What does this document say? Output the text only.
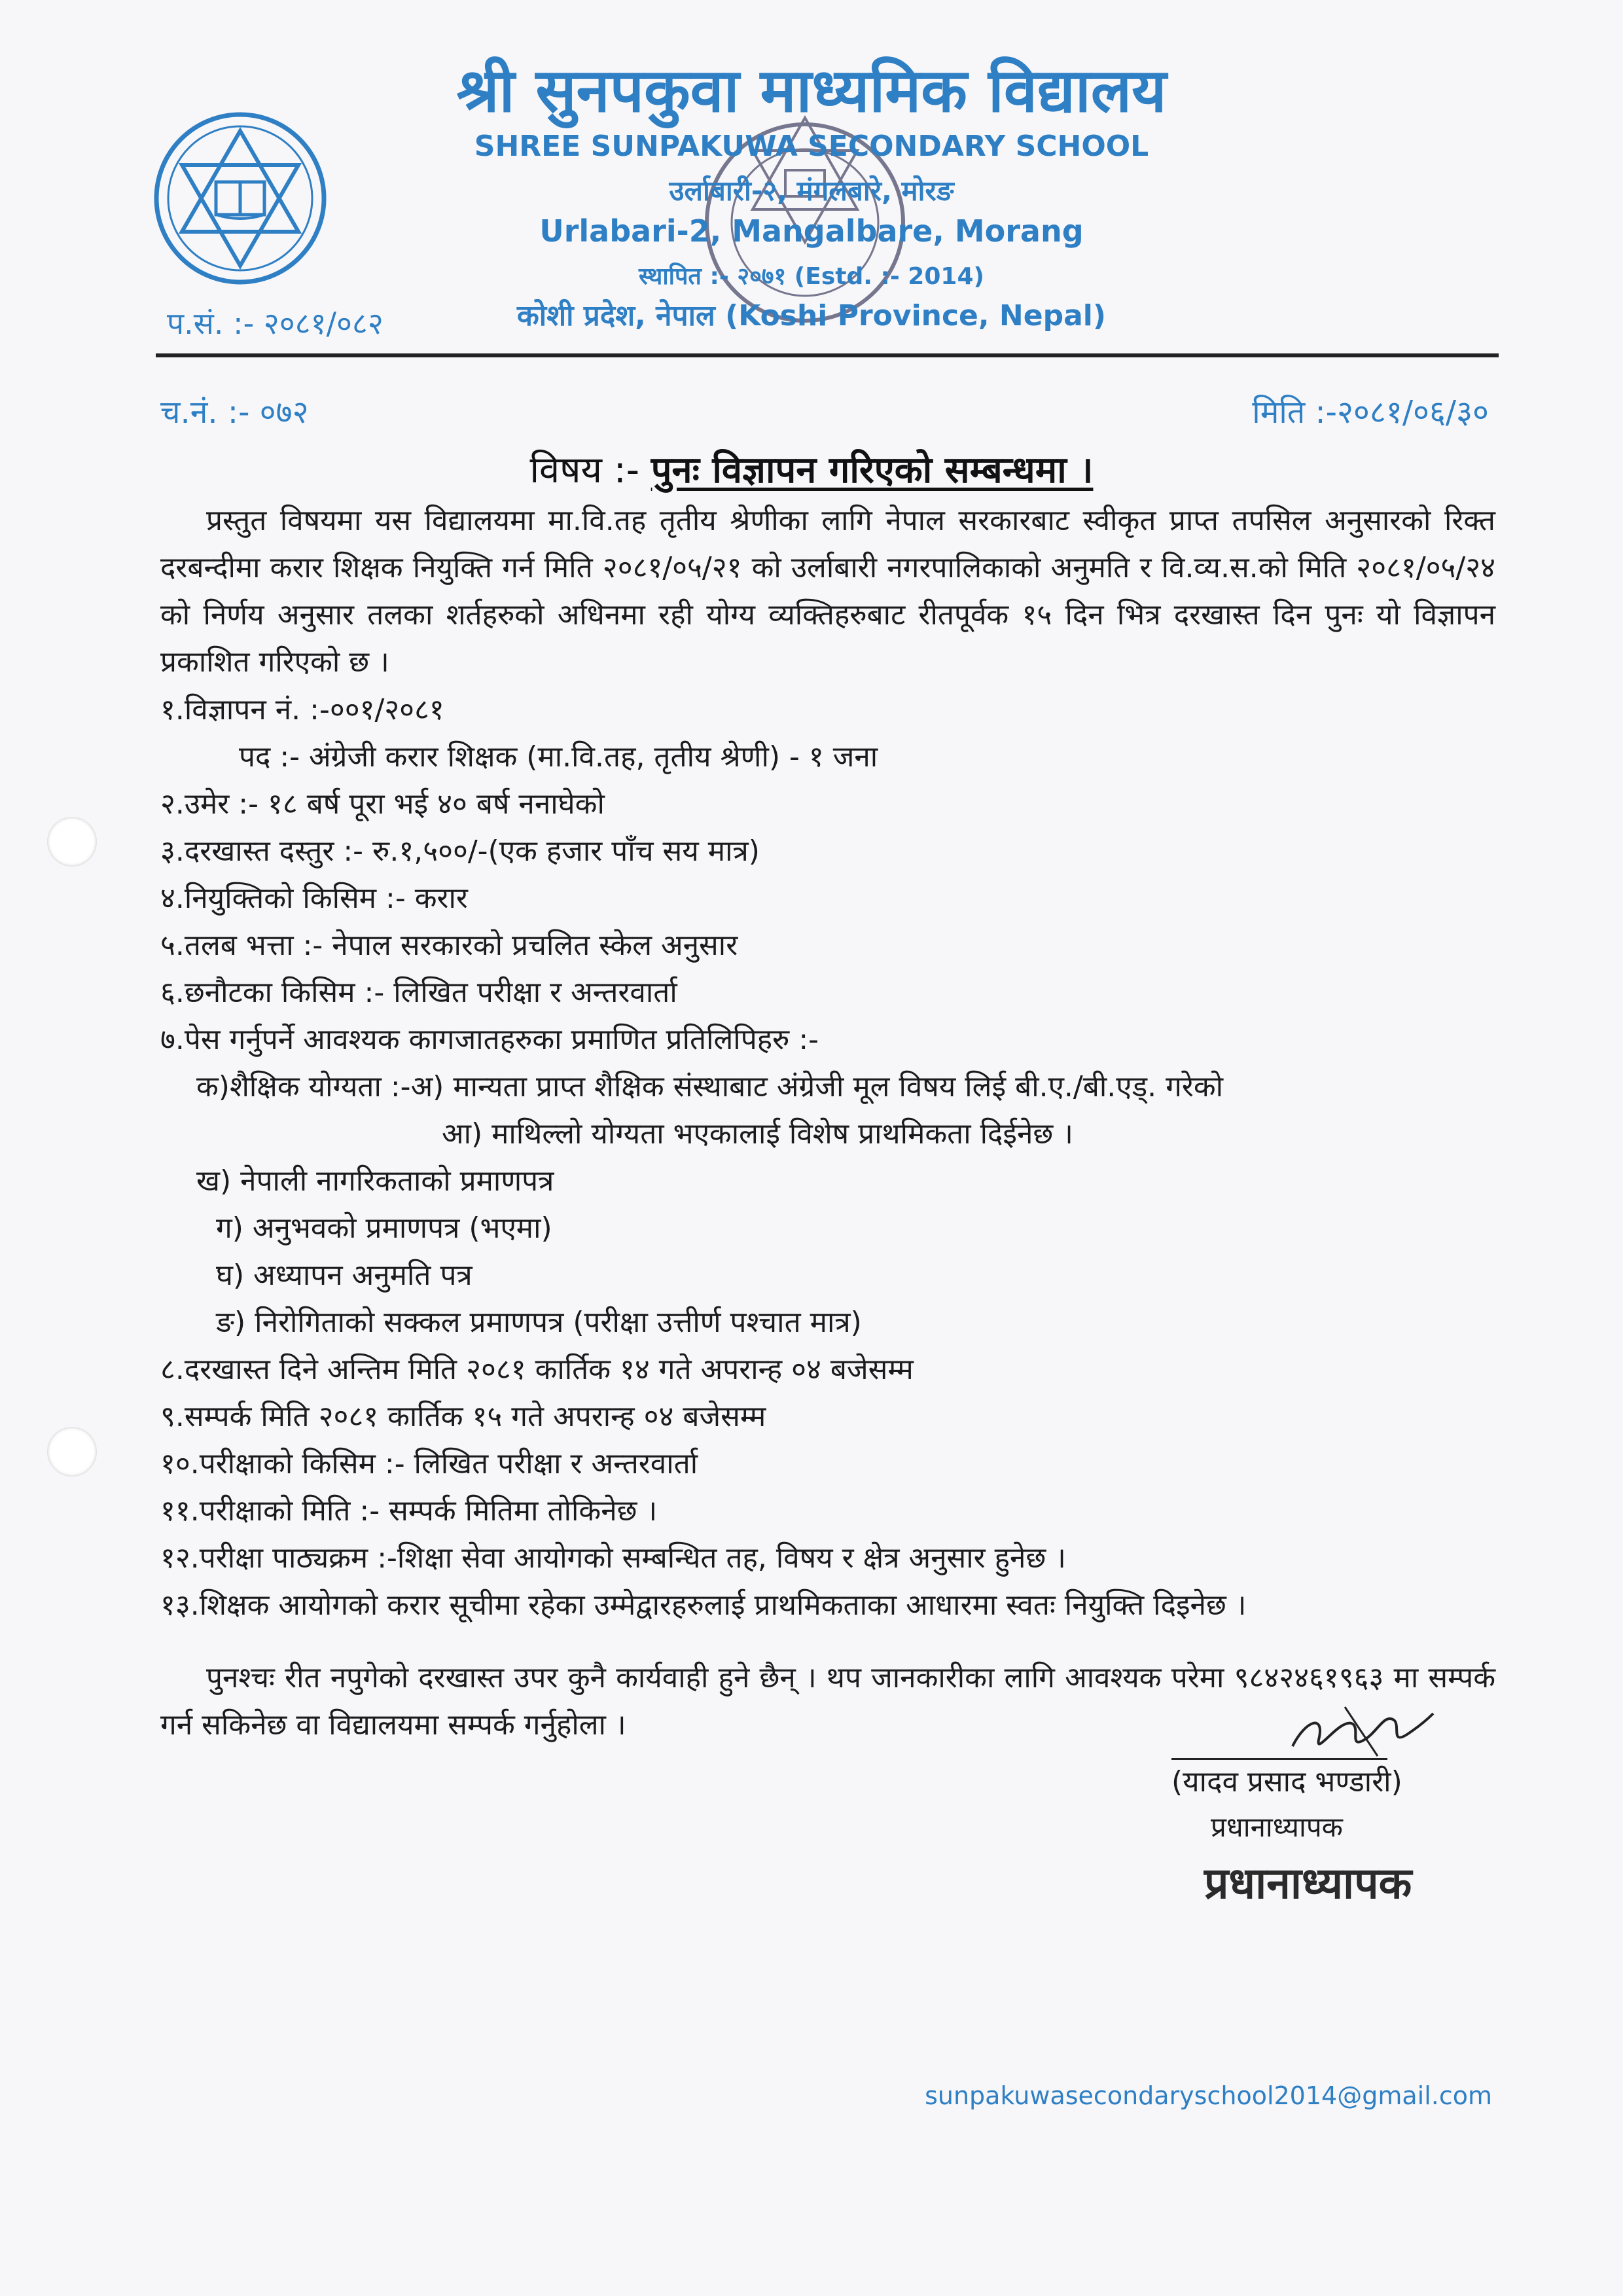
श्री सुनपकुवा माध्यमिक विद्यालय
SHREE SUNPAKUWA SECONDARY SCHOOL
उर्लाबारी-२, मंगलबारे, मोरङ
Urlabari-2, Mangalbare, Morang
स्थापित :- २०७१ (Estd. :- 2014)
कोशी प्रदेश, नेपाल (Koshi Province, Nepal)
प.सं. :- २०८१/०८२
च.नं. :- ०७२	मिति :-२०८१/०६/३०
विषय :- पुनः विज्ञापन गरिएको सम्बन्धमा ।
प्रस्तुत विषयमा यस विद्यालयमा मा.वि.तह तृतीय श्रेणीका लागि नेपाल सरकारबाट स्वीकृत प्राप्त तपसिल अनुसारको रिक्त दरबन्दीमा करार शिक्षक नियुक्ति गर्न मिति २०८१/०५/२१ को उर्लाबारी नगरपालिकाको अनुमति र वि.व्य.स.को मिति २०८१/०५/२४ को निर्णय अनुसार तलका शर्तहरुको अधिनमा रही योग्य व्यक्तिहरुबाट रीतपूर्वक १५ दिन भित्र दरखास्त दिन पुनः यो विज्ञापन प्रकाशित गरिएको छ ।
१.विज्ञापन नं. :-००१/२०८१
पद :- अंग्रेजी करार शिक्षक (मा.वि.तह, तृतीय श्रेणी) - १ जना
२.उमेर :- १८ बर्ष पूरा भई ४० बर्ष ननाघेको
३.दरखास्त दस्तुर :- रु.१,५००/-(एक हजार पाँच सय मात्र)
४.नियुक्तिको किसिम :- करार
५.तलब भत्ता :- नेपाल सरकारको प्रचलित स्केल अनुसार
६.छनौटका किसिम :- लिखित परीक्षा र अन्तरवार्ता
७.पेस गर्नुपर्ने आवश्यक कागजातहरुका प्रमाणित प्रतिलिपिहरु :-
क)शैक्षिक योग्यता :-अ) मान्यता प्राप्त शैक्षिक संस्थाबाट अंग्रेजी मूल विषय लिई बी.ए./बी.एड्. गरेको
आ) माथिल्लो योग्यता भएकालाई विशेष प्राथमिकता दिईनेछ ।
ख) नेपाली नागरिकताको प्रमाणपत्र
ग) अनुभवको प्रमाणपत्र (भएमा)
घ) अध्यापन अनुमति पत्र
ङ) निरोगिताको सक्कल प्रमाणपत्र (परीक्षा उत्तीर्ण पश्चात मात्र)
८.दरखास्त दिने अन्तिम मिति २०८१ कार्तिक १४ गते अपरान्ह ०४ बजेसम्म
९.सम्पर्क मिति २०८१ कार्तिक १५ गते अपरान्ह ०४ बजेसम्म
१०.परीक्षाको किसिम :- लिखित परीक्षा र अन्तरवार्ता
११.परीक्षाको मिति :- सम्पर्क मितिमा तोकिनेछ ।
१२.परीक्षा पाठ्यक्रम :-शिक्षा सेवा आयोगको सम्बन्धित तह, विषय र क्षेत्र अनुसार हुनेछ ।
१३.शिक्षक आयोगको करार सूचीमा रहेका उम्मेद्वारहरुलाई प्राथमिकताका आधारमा स्वतः नियुक्ति दिइनेछ ।
पुनश्चः रीत नपुगेको दरखास्त उपर कुनै कार्यवाही हुने छैन् । थप जानकारीका लागि आवश्यक परेमा ९८४२४६१९६३ मा सम्पर्क गर्न सकिनेछ वा विद्यालयमा सम्पर्क गर्नुहोला ।
(यादव प्रसाद भण्डारी)
प्रधानाध्यापक
प्रधानाध्यापक
sunpakuwasecondaryschool2014@gmail.com
